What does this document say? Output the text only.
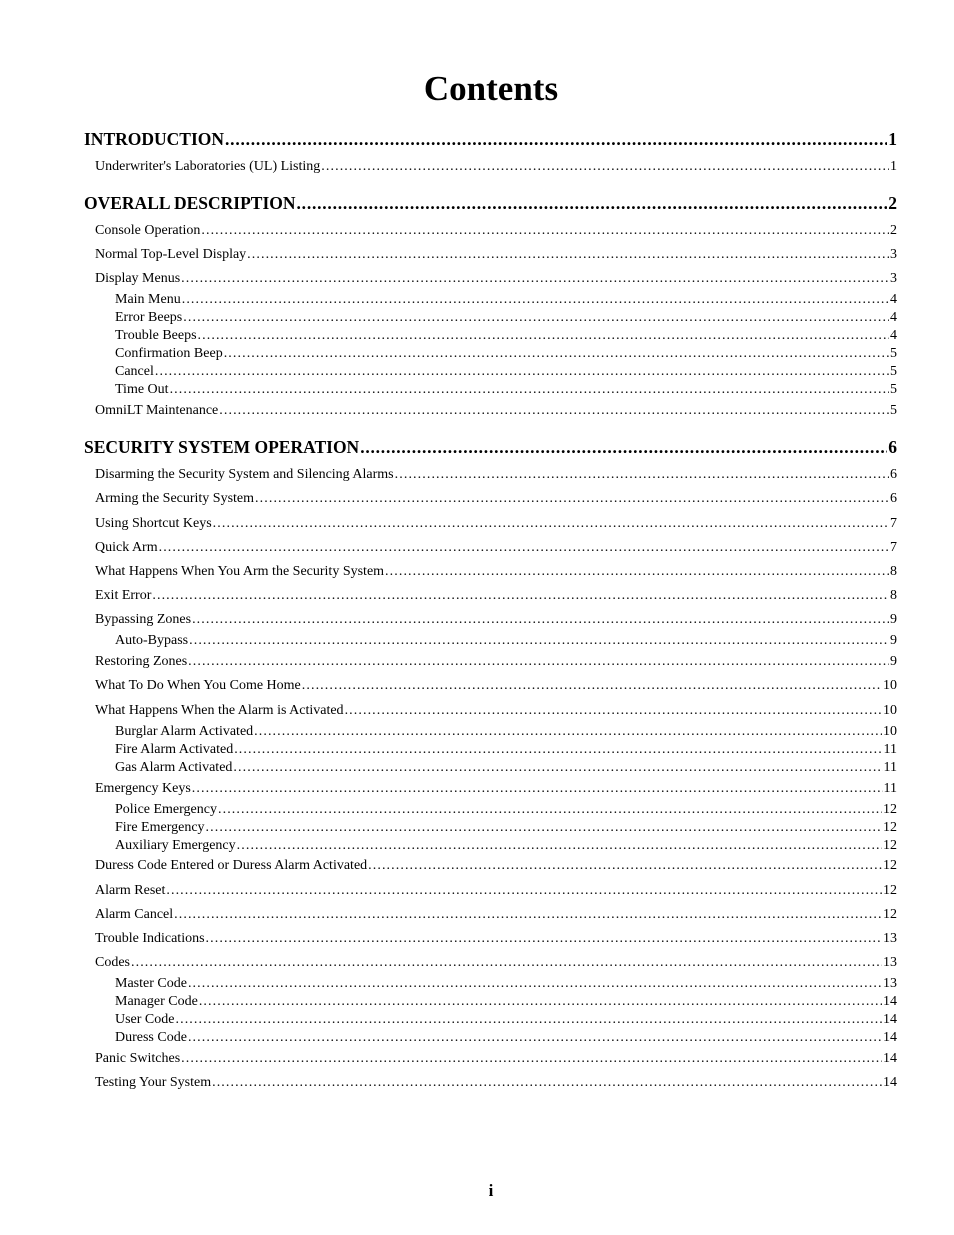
Contents
INTRODUCTION . . .	1
Underwriter's Laboratories (UL) Listing . . .	1
OVERALL DESCRIPTION . . .	2
Console Operation . . .	2
Normal Top-Level Display . . .	3
Display Menus . . .	3
Main Menu . . .	4
Error Beeps . . .	4
Trouble Beeps . . .	4
Confirmation Beep . . .	5
Cancel . . .	5
Time Out . . .	5
OmniLT Maintenance . . .	5
SECURITY SYSTEM OPERATION . . .	6
Disarming the Security System and Silencing Alarms . . .	6
Arming the Security System . . .	6
Using Shortcut Keys . . .	7
Quick Arm . . .	7
What Happens When You Arm the Security System . . .	8
Exit Error . . .	8
Bypassing Zones . . .	9
Auto-Bypass . . .	9
Restoring Zones . . .	9
What To Do When You Come Home . . .	10
What Happens When the Alarm is Activated . . .	10
Burglar Alarm Activated . . .	10
Fire Alarm Activated . . .	11
Gas Alarm Activated . . .	11
Emergency Keys . . .	11
Police Emergency . . .	12
Fire Emergency . . .	12
Auxiliary Emergency . . .	12
Duress Code Entered or Duress Alarm Activated . . .	12
Alarm Reset . . .	12
Alarm Cancel . . .	12
Trouble Indications . . .	13
Codes . . .	13
Master Code . . .	13
Manager Code . . .	14
User Code . . .	14
Duress Code . . .	14
Panic Switches . . .	14
Testing Your System . . .	14
i
